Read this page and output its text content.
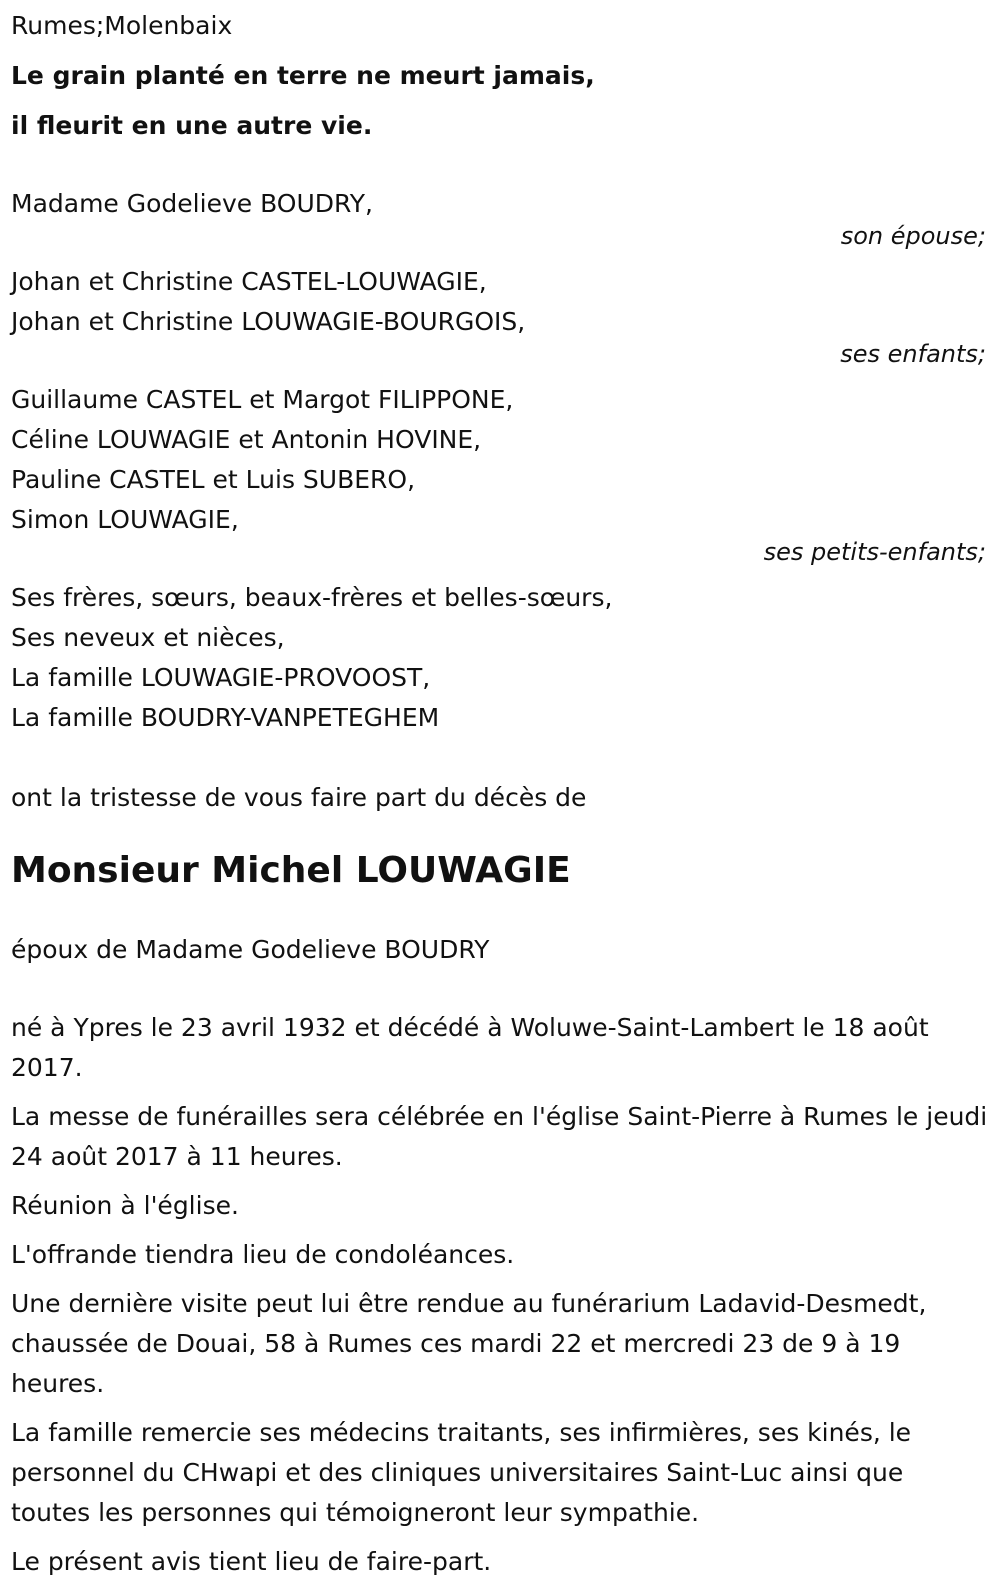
Rumes;Molenbaix
Le grain planté en terre ne meurt jamais,
il fleurit en une autre vie.
Madame Godelieve BOUDRY,
son épouse;
Johan et Christine CASTEL-LOUWAGIE,
Johan et Christine LOUWAGIE-BOURGOIS,
ses enfants;
Guillaume CASTEL et Margot FILIPPONE,
Céline LOUWAGIE et Antonin HOVINE,
Pauline CASTEL et Luis SUBERO,
Simon LOUWAGIE,
ses petits-enfants;
Ses frères, sœurs, beaux-frères et belles-sœurs,
Ses neveux et nièces,
La famille LOUWAGIE-PROVOOST,
La famille BOUDRY-VANPETEGHEM
ont la tristesse de vous faire part du décès de
Monsieur Michel LOUWAGIE
époux de Madame Godelieve BOUDRY
né à Ypres le 23 avril 1932 et décédé à Woluwe-Saint-Lambert le 18 août 2017.
La messe de funérailles sera célébrée en l'église Saint-Pierre à Rumes le jeudi 24 août 2017 à 11 heures.
Réunion à l'église.
L'offrande tiendra lieu de condoléances.
Une dernière visite peut lui être rendue au funérarium Ladavid-Desmedt, chaussée de Douai, 58 à Rumes ces mardi 22 et mercredi 23 de 9 à 19 heures.
La famille remercie ses médecins traitants, ses infirmières, ses kinés, le personnel du CHwapi et des cliniques universitaires Saint-Luc ainsi que toutes les personnes qui témoigneront leur sympathie.
Le présent avis tient lieu de faire-part.
